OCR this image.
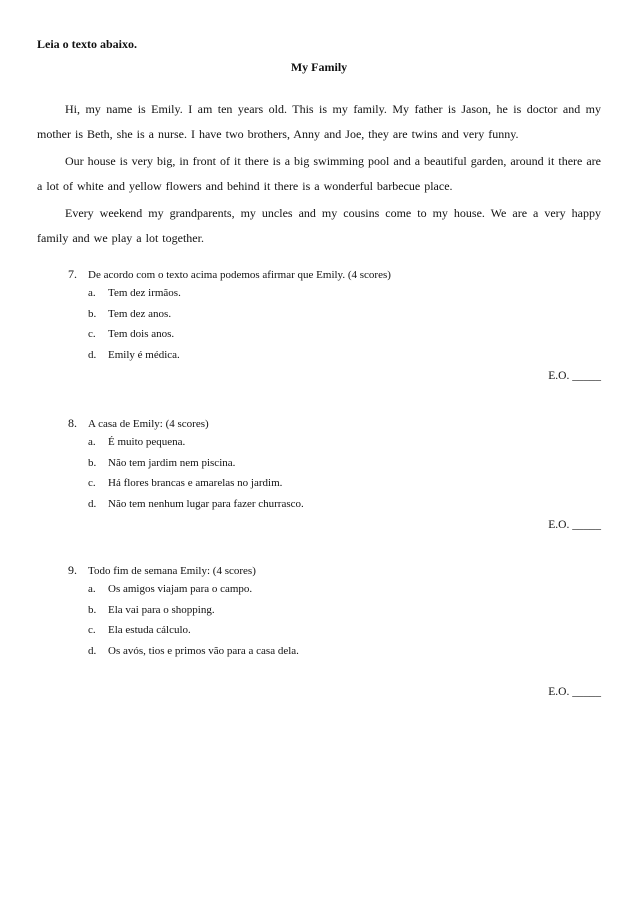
Leia o texto abaixo.
My Family

Hi, my name is Emily. I am ten years old. This is my family. My father is Jason, he is doctor and my mother is Beth, she is a nurse. I have two brothers, Anny and Joe, they are twins and very funny.

Our house is very big, in front of it there is a big swimming pool and a beautiful garden, around it there are a lot of white and yellow flowers and behind it there is a wonderful barbecue place.

Every weekend my grandparents, my uncles and my cousins come to my house. We are a very happy family and we play a lot together.

7.	De acordo com o texto acima podemos afirmar que Emily. (4 scores)
a.	Tem dez irmãos.
b.	Tem dez anos.
c.	Tem dois anos.
d.	Emily é médica.
E.O. _____
8.	A casa de Emily: (4 scores)
a.	É muito pequena.
b.	Não tem jardim nem piscina.
c.	Há flores brancas e amarelas no jardim.
d.	Não tem nenhum lugar para fazer churrasco.
E.O. _____
9.	Todo fim de semana Emily: (4 scores)
a.	Os amigos viajam para o campo.
b.	Ela vai para o shopping.
c.	Ela estuda cálculo.
d.	Os avós, tios e primos vão para a casa dela.
E.O. _____
